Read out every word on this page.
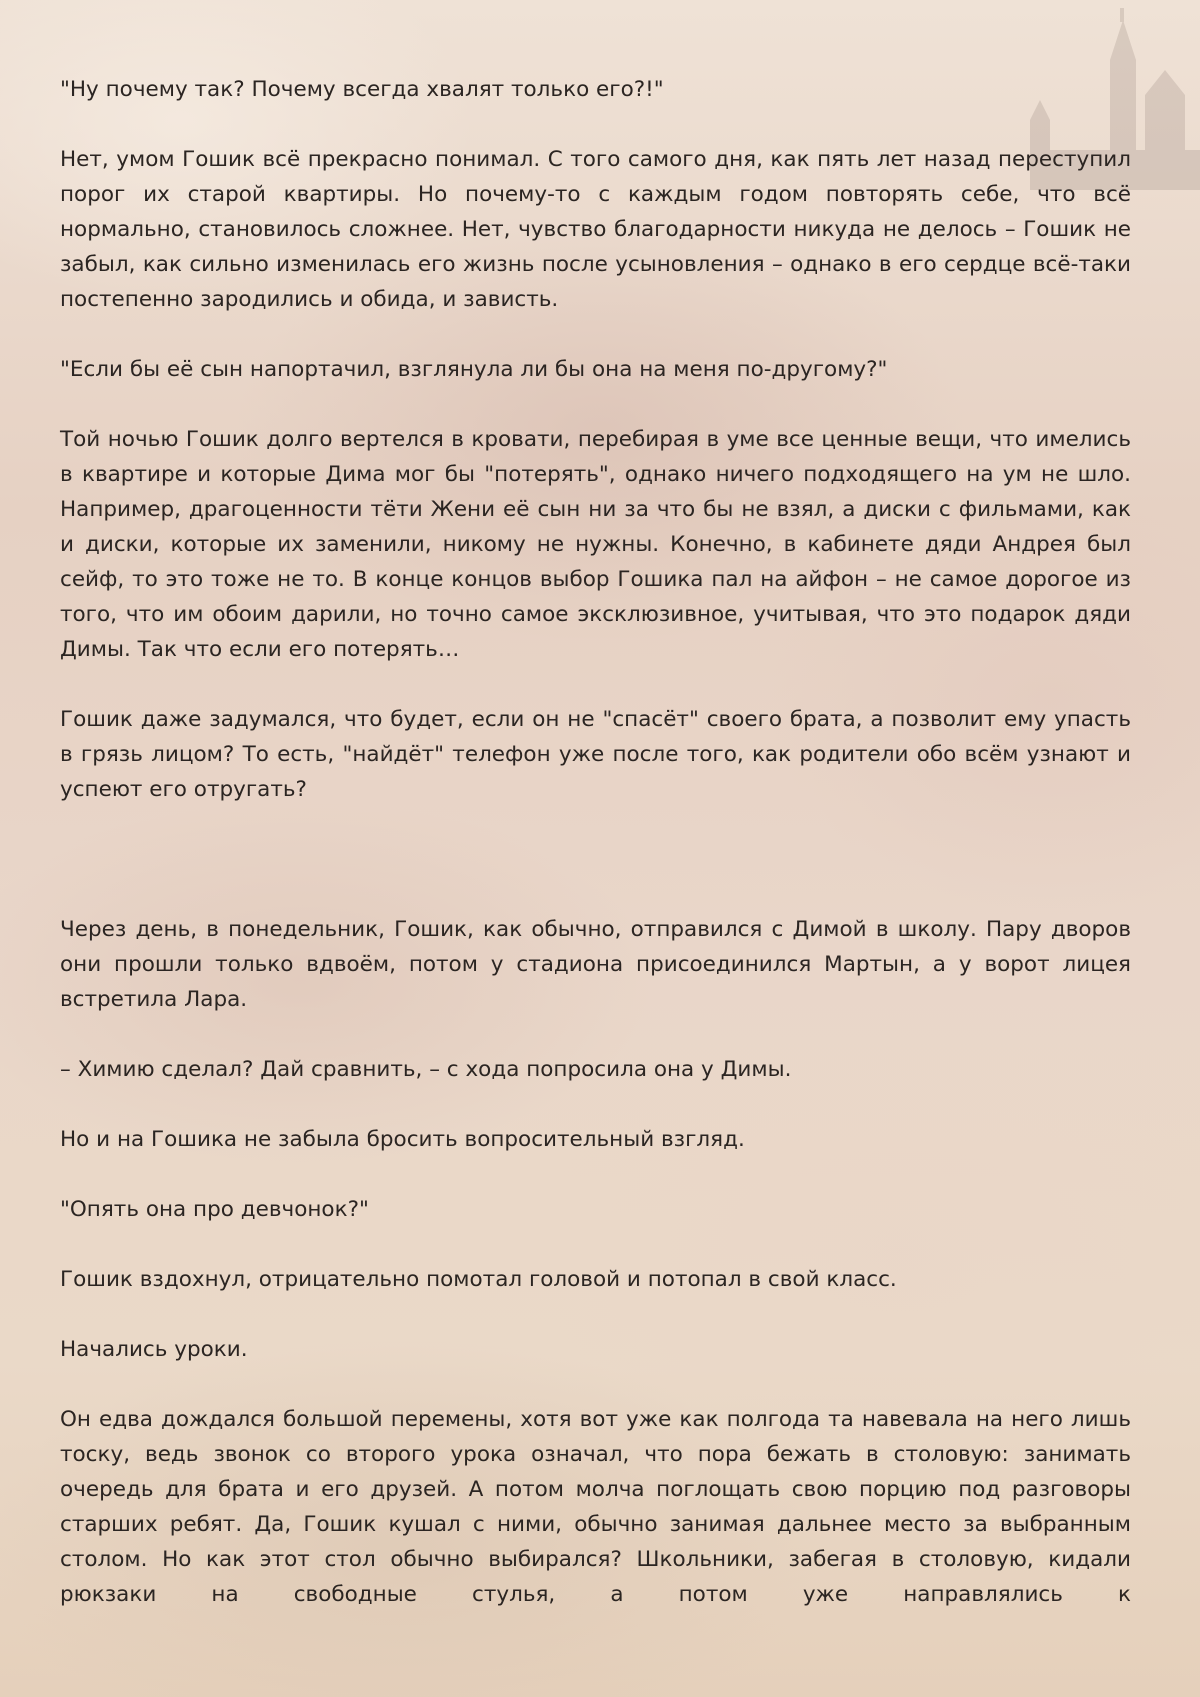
"Ну почему так? Почему всегда хвалят только его?!"

Нет, умом Гошик всё прекрасно понимал. С того самого дня, как пять лет назад переступил порог их старой квартиры. Но почему-то с каждым годом повторять себе, что всё нормально, становилось сложнее. Нет, чувство благодарности никуда не делось – Гошик не забыл, как сильно изменилась его жизнь после усыновления – однако в его сердце всё-таки постепенно зародились и обида, и зависть.

"Если бы её сын напортачил, взглянула ли бы она на меня по-другому?"

Той ночью Гошик долго вертелся в кровати, перебирая в уме все ценные вещи, что имелись в квартире и которые Дима мог бы "потерять", однако ничего подходящего на ум не шло. Например, драгоценности тёти Жени её сын ни за что бы не взял, а диски с фильмами, как и диски, которые их заменили, никому не нужны. Конечно, в кабинете дяди Андрея был сейф, то это тоже не то. В конце концов выбор Гошика пал на айфон – не самое дорогое из того, что им обоим дарили, но точно самое эксклюзивное, учитывая, что это подарок дяди Димы. Так что если его потерять…

Гошик даже задумался, что будет, если он не "спасёт" своего брата, а позволит ему упасть в грязь лицом? То есть, "найдёт" телефон уже после того, как родители обо всём узнают и успеют его отругать?

Через день, в понедельник, Гошик, как обычно, отправился с Димой в школу. Пару дворов они прошли только вдвоём, потом у стадиона присоединился Мартын, а у ворот лицея встретила Лара.

– Химию сделал? Дай сравнить, – с хода попросила она у Димы.

Но и на Гошика не забыла бросить вопросительный взгляд.

"Опять она про девчонок?"

Гошик вздохнул, отрицательно помотал головой и потопал в свой класс.

Начались уроки.

Он едва дождался большой перемены, хотя вот уже как полгода та навевала на него лишь тоску, ведь звонок со второго урока означал, что пора бежать в столовую: занимать очередь для брата и его друзей. А потом молча поглощать свою порцию под разговоры старших ребят. Да, Гошик кушал с ними, обычно занимая дальнее место за выбранным столом. Но как этот стол обычно выбирался? Школьники, забегая в столовую, кидали рюкзаки на свободные стулья, а потом уже направлялись к
